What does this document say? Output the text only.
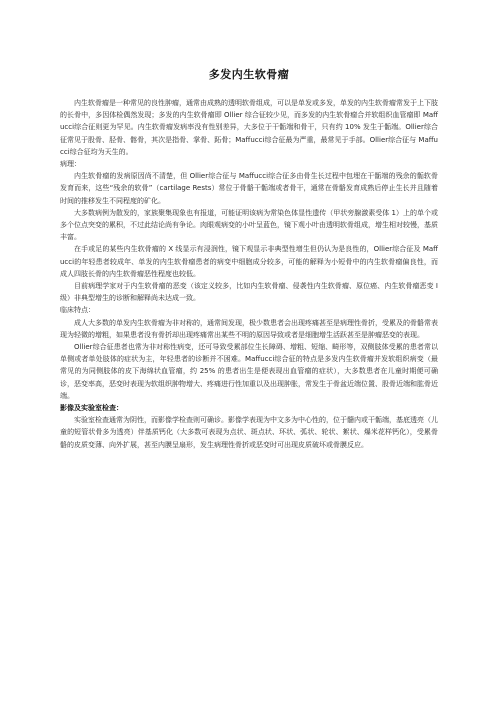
多发内生软骨瘤

内生软骨瘤是一种常见的良性肿瘤，通常由成熟的透明软骨组成，可以是单发或多发，单发的内生软骨瘤常发于上下肢的长骨中，多因体检偶然发现；多发的内生软骨瘤即 Ollier 综合征较少见，而多发的内生软骨瘤合并软组织血管瘤即 Maffucci综合征则更为罕见。内生软骨瘤发病率没有性别差异，大多位于干骺端和骨干，只有约 10% 发生于骺端。Ollier综合征常见于股骨、胫骨、髂骨，其次是指骨、掌骨、跖骨；Maffucci综合征最为严重，最常见于手部。Ollier综合征与 Maffucci综合征均为天生的。

病理：

内生软骨瘤的发病原因尚不清楚，但 Ollier综合征与 Maffucci综合征多由骨生长过程中包埋在干骺端的残余的骺软骨发育而来，这些“残余的软骨”（cartilage Rests）常位于骨骼干骺端或者骨干，通常在骨骼发育成熟后停止生长并且随着时间的推移发生不同程度的矿化。

大多数病例为散发的，家族聚集现象也有报道，可能证明该病为常染色体显性遗传（甲状旁腺激素受体 1）上的单个或多个位点突变的累积，不过此结论尚有争论。肉眼观病变的小叶呈蓝色，镜下观小叶由透明软骨组成，增生相对较慢，基质丰富。

在手或足的某些内生软骨瘤的 X 线显示有浸润性，镜下观显示非典型性增生但仍认为是良性的，Ollier综合征及 Maffucci的年轻患者较成年、单发的内生软骨瘤患者的病变中细胞成分较多，可能的解释为小短骨中的内生软骨瘤偏良性，而成人四肢长骨的内生软骨瘤恶性程度也较低。

目前病理学家对于内生软骨瘤的恶变（该定义较多，比如内生软骨瘤、侵袭性内生软骨瘤、原位癌、内生软骨瘤恶变 I级）非典型增生的诊断和解释尚未达成一致。

临床特点：

成人大多数的单发内生软骨瘤为非对称的，通常间发现，极少数患者会出现疼痛甚至是病理性骨折，受累及的骨骼常表现为轻微的增粗，如果患者没有骨折却出现疼痛常出某些不明的原因导致或者是细胞增生活跃甚至是肿瘤恶变的表现。

Ollier综合征患者也常为非对称性病变，还可导致受累部位生长障碍、增粗、短缩、畸形等，双侧肢体受累的患者常以单侧或者单处肢体的症状为主，年轻患者的诊断并不困难。Maffucci综合征的特点是多发内生软骨瘤并发软组织病变（最常见的为同侧肢体的皮下海绵状血管瘤，约 25% 的患者出生是便表现出血管瘤的症状），大多数患者在儿童时期便可确诊，恶变率高，恶变时表现为软组织肿物增大、疼痛进行性加重以及出现肿胀，常发生于骨盆近端位置、股骨近端和肱骨近端。

影像及实验室检查：

实验室检查通常为阴性，而影像学检查则可确诊。影像学表现为中文多为中心性的，位于髓内或干骺端，基底透亮（儿童的短管状骨多为透亮）伴基质钙化（大多数可表现为点状、斑点状、环状、弧状、轮状、絮状、爆米花样钙化），受累骨骼的皮质变薄、向外扩展，甚至内膜呈扇形，发生病理性骨折或恶变时可出现皮质破坏或骨膜反应。
